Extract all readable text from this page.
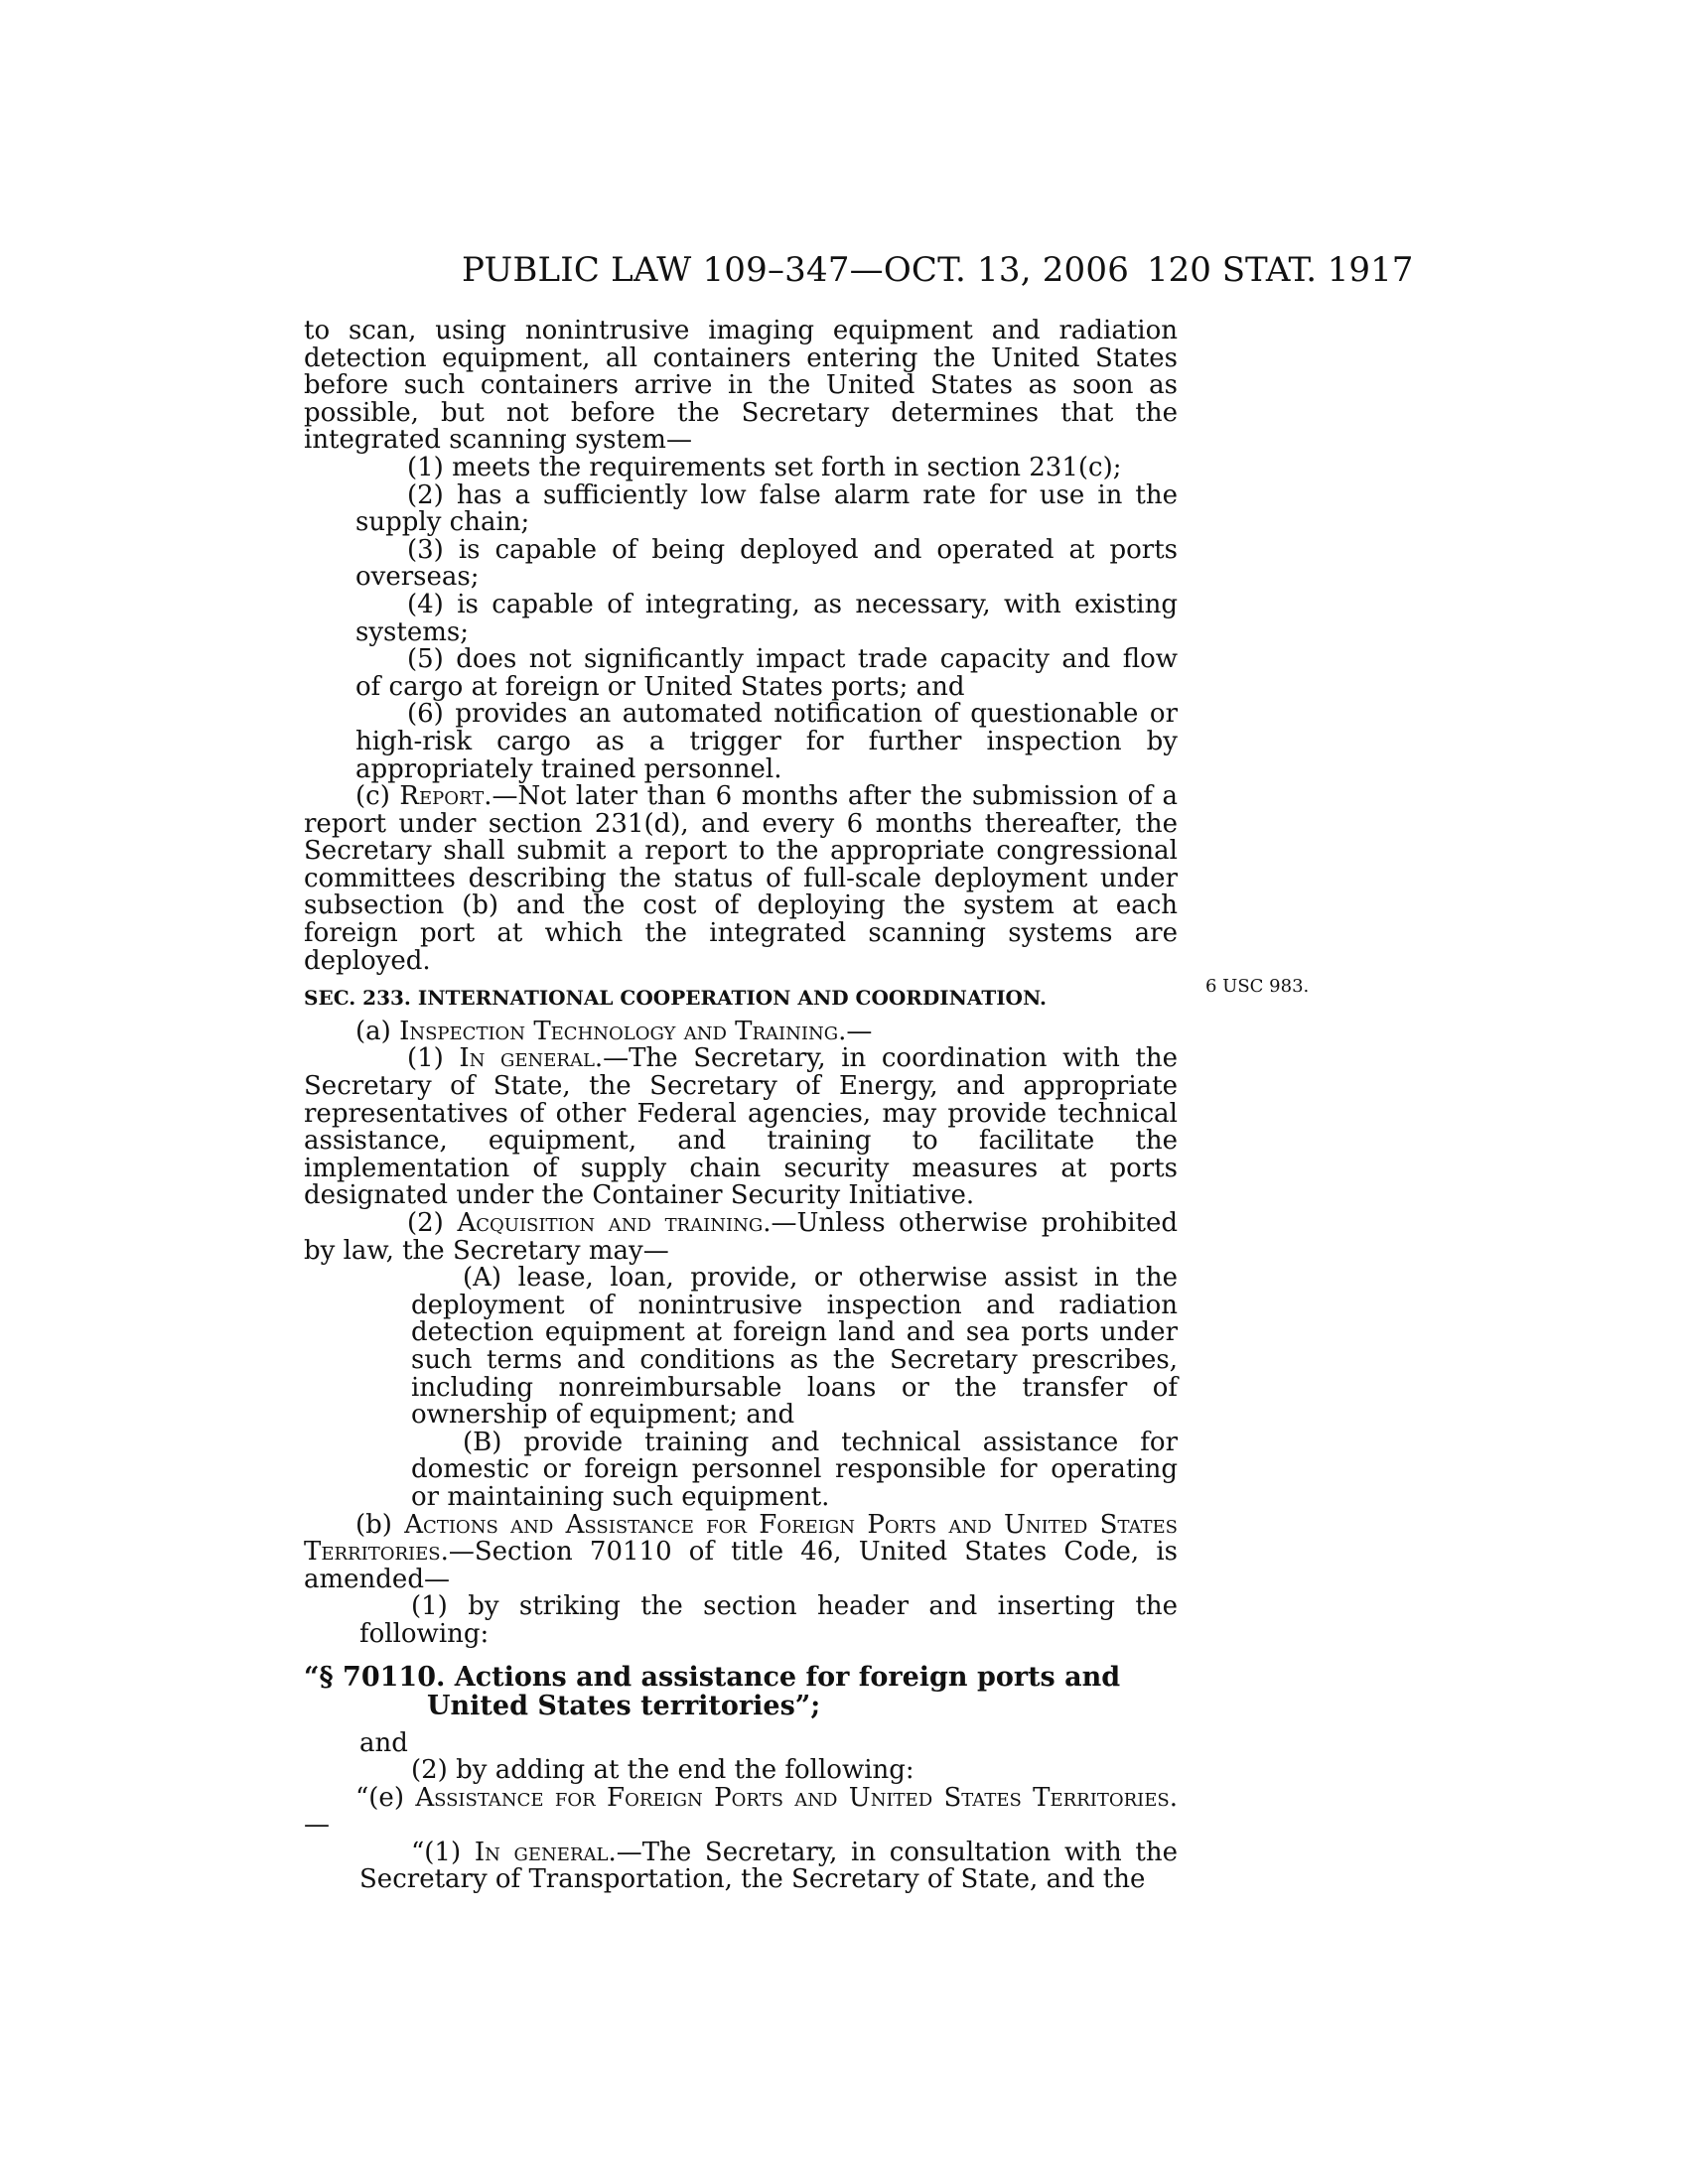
PUBLIC LAW 109–347—OCT. 13, 2006 120 STAT. 1917
6 USC 983.

to scan, using nonintrusive imaging equipment and radiation detection equipment, all containers entering the United States before such containers arrive in the United States as soon as possible, but not before the Secretary determines that the integrated scanning system—

(1) meets the requirements set forth in section 231(c);

(2) has a sufficiently low false alarm rate for use in the supply chain;

(3) is capable of being deployed and operated at ports overseas;

(4) is capable of integrating, as necessary, with existing systems;

(5) does not significantly impact trade capacity and flow of cargo at foreign or United States ports; and

(6) provides an automated notification of questionable or high-risk cargo as a trigger for further inspection by appropriately trained personnel.

(c) Report.—Not later than 6 months after the submission of a report under section 231(d), and every 6 months thereafter, the Secretary shall submit a report to the appropriate congressional committees describing the status of full-scale deployment under subsection (b) and the cost of deploying the system at each foreign port at which the integrated scanning systems are deployed.

SEC. 233. INTERNATIONAL COOPERATION AND COORDINATION.

(a) Inspection Technology and Training.—

(1) In general.—The Secretary, in coordination with the Secretary of State, the Secretary of Energy, and appropriate representatives of other Federal agencies, may provide technical assistance, equipment, and training to facilitate the implementation of supply chain security measures at ports designated under the Container Security Initiative.

(2) Acquisition and training.—Unless otherwise prohibited by law, the Secretary may—

(A) lease, loan, provide, or otherwise assist in the deployment of nonintrusive inspection and radiation detection equipment at foreign land and sea ports under such terms and conditions as the Secretary prescribes, including nonreimbursable loans or the transfer of ownership of equipment; and

(B) provide training and technical assistance for domestic or foreign personnel responsible for operating or maintaining such equipment.

(b) Actions and Assistance for Foreign Ports and United States Territories.—Section 70110 of title 46, United States Code, is amended—

(1) by striking the section header and inserting the following:

“§ 70110. Actions and assistance for foreign ports and United States territories”;

and

(2) by adding at the end the following:

“(e) Assistance for Foreign Ports and United States Territories.—

“(1) In general.—The Secretary, in consultation with the Secretary of Transportation, the Secretary of State, and the
